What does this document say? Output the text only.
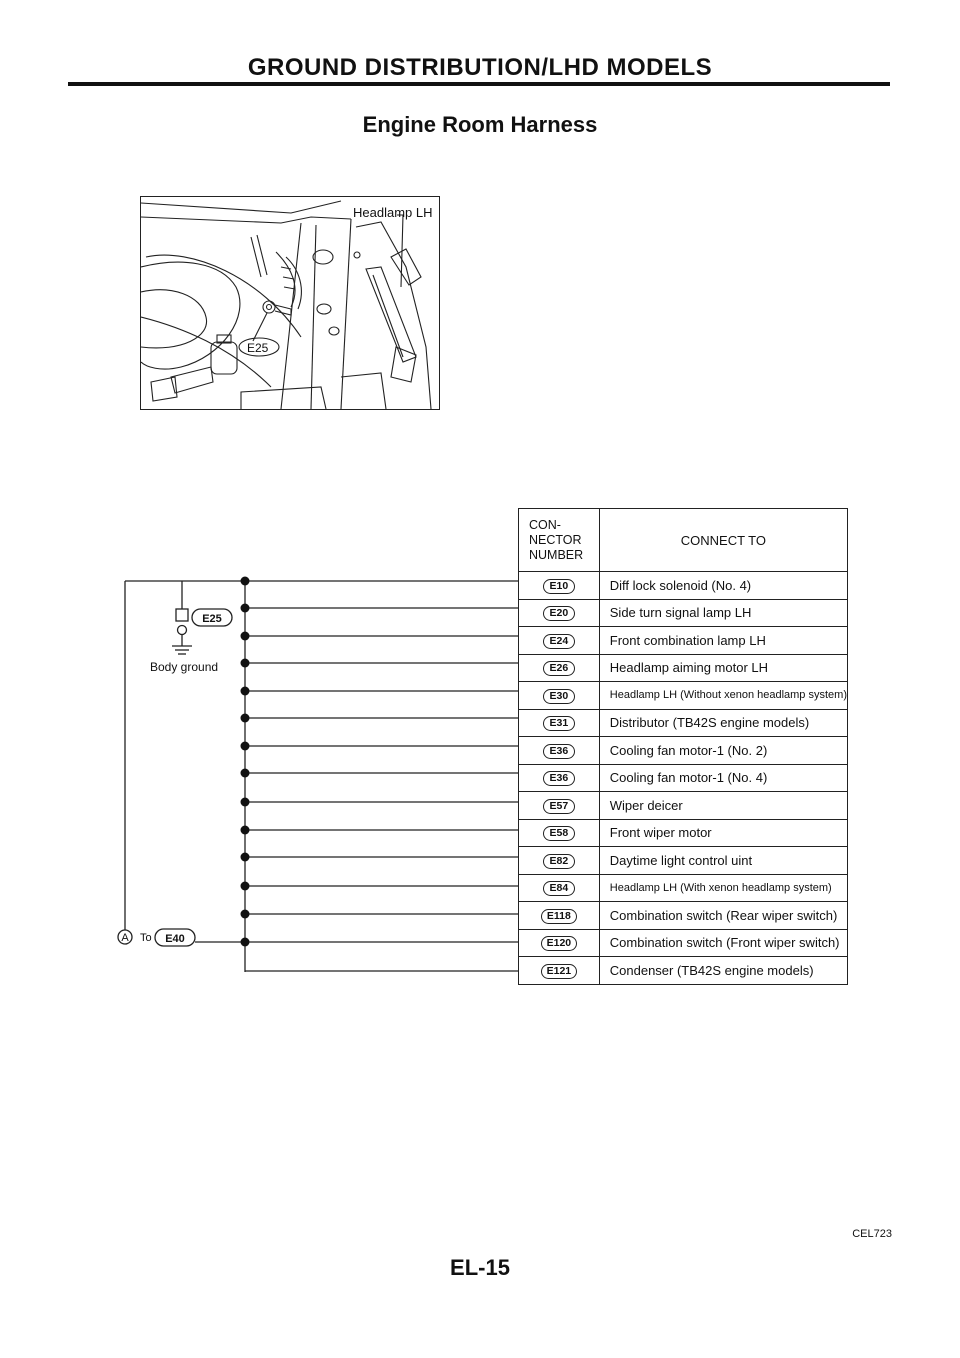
GROUND DISTRIBUTION/LHD MODELS
Engine Room Harness
Headlamp LH
E25
E25
Body ground
A To E40
CON-
NECTOR
NUMBER	CONNECT TO
E10	Diff lock solenoid (No. 4)
E20	Side turn signal lamp LH
E24	Front combination lamp LH
E26	Headlamp aiming motor LH
E30	Headlamp LH (Without xenon headlamp system)
E31	Distributor (TB42S engine models)
E36	Cooling fan motor-1 (No. 2)
E36	Cooling fan motor-1 (No. 4)
E57	Wiper deicer
E58	Front wiper motor
E82	Daytime light control uint
E84	Headlamp LH (With xenon headlamp system)
E118	Combination switch (Rear wiper switch)
E120	Combination switch (Front wiper switch)
E121	Condenser (TB42S engine models)
CEL723
EL-15
